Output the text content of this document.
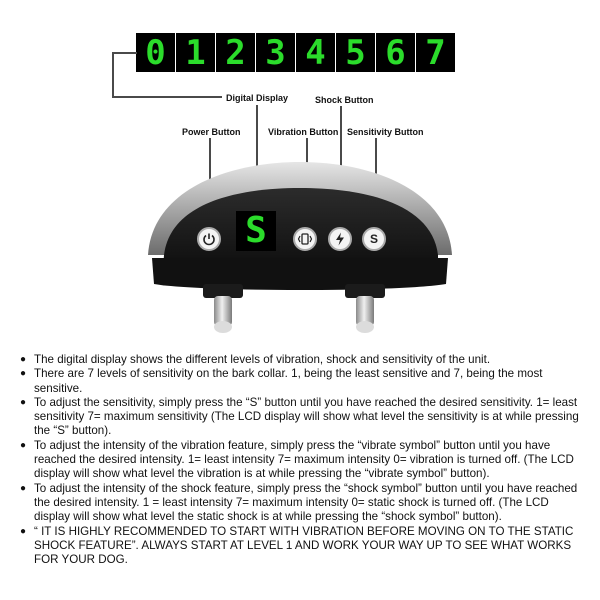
0 1 2 3 4 5 6 7
Digital Display	Shock Button
Power Button	Vibration Button Sensitivity Button
S	S
● The digital display shows the different levels of vibration, shock and sensitivity of the unit.
● There are 7 levels of sensitivity on the bark collar. 1, being the least sensitive and 7, being the most sensitive.
● To adjust the sensitivity, simply press the “S” button until you have reached the desired sensitivity. 1= least sensitivity 7= maximum sensitivity (The LCD display will show what level the sensitivity is at while pressing the “S” button).
● To adjust the intensity of the vibration feature, simply press the “vibrate symbol” button until you have reached the desired intensity. 1= least intensity 7= maximum intensity 0= vibration is turned off. (The LCD display will show what level the vibration is at while pressing the “vibrate symbol” button).
● To adjust the intensity of the shock feature, simply press the “shock symbol” button until you have reached the desired intensity. 1 = least intensity 7= maximum intensity 0= static shock is turned off. (The LCD display will show what level the static shock is at while pressing the “shock symbol” button).
● “ IT IS HIGHLY RECOMMENDED TO START WITH VIBRATION BEFORE MOVING ON TO THE STATIC SHOCK FEATURE”. ALWAYS START AT LEVEL 1 AND WORK YOUR WAY UP TO SEE WHAT WORKS FOR YOUR DOG.
